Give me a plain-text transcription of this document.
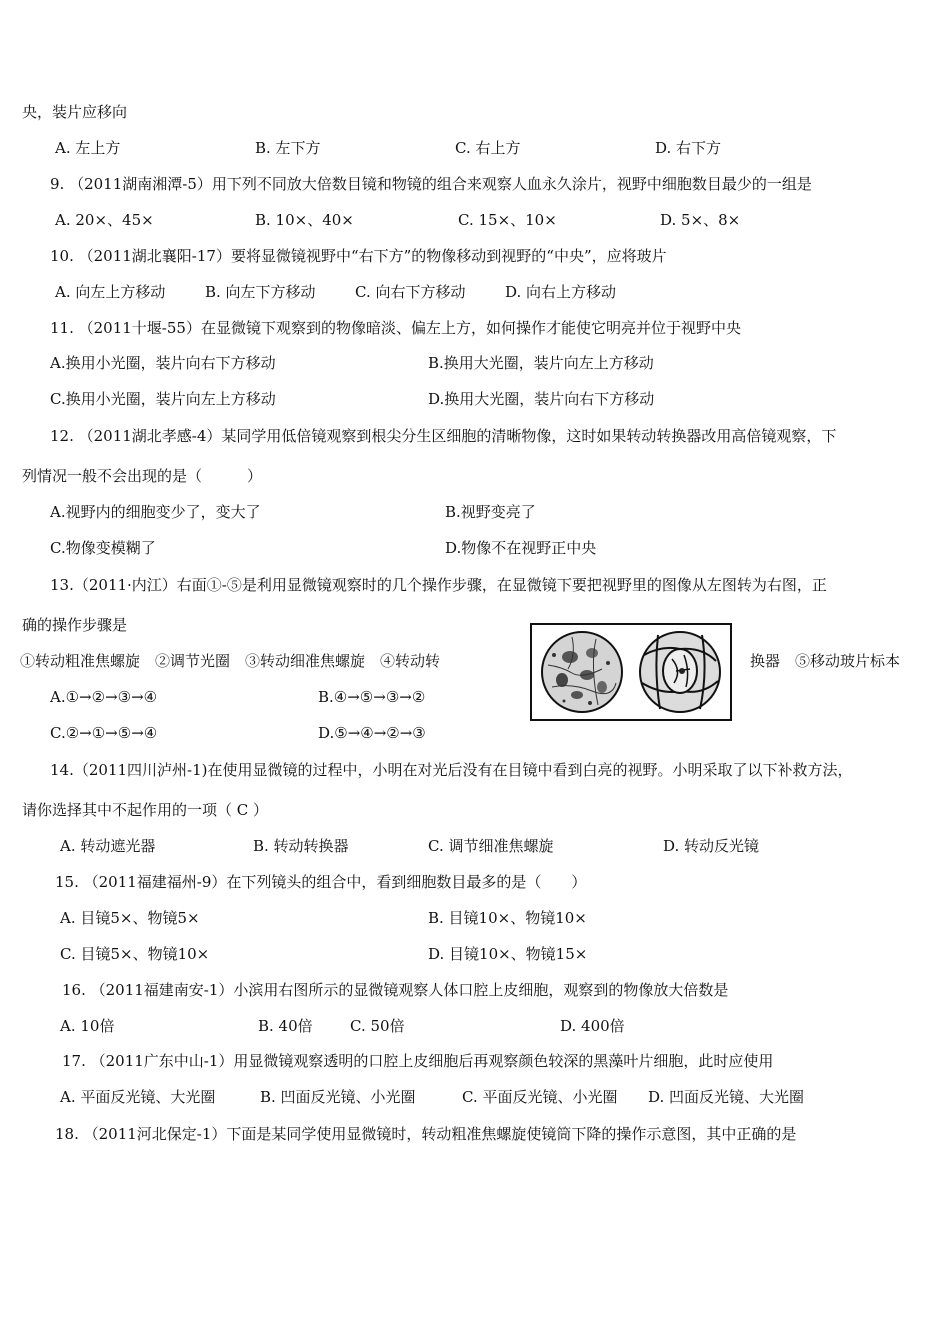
央，装片应移向
A. 左上方	B. 左下方	C. 右上方	D. 右下方
9. （2011湖南湘潭-5）用下列不同放大倍数目镜和物镜的组合来观察人血永久涂片，视野中细胞数目最少的一组是
A. 20×、45×	B. 10×、40×	C. 15×、10×	D. 5×、8×
10. （2011湖北襄阳-17）要将显微镜视野中“右下方”的物像移动到视野的“中央”，应将玻片
A. 向左上方移动	B. 向左下方移动	C. 向右下方移动	D. 向右上方移动
11. （2011十堰-55）在显微镜下观察到的物像暗淡、偏左上方，如何操作才能使它明亮并位于视野中央
A.换用小光圈，装片向右下方移动	B.换用大光圈，装片向左上方移动
C.换用小光圈，装片向左上方移动	D.换用大光圈，装片向右下方移动
12. （2011湖北孝感-4）某同学用低倍镜观察到根尖分生区细胞的清晰物像，这时如果转动转换器改用高倍镜观察，下
列情况一般不会出现的是（　　　）
A.视野内的细胞变少了，变大了	B.视野变亮了
C.物像变模糊了	D.物像不在视野正中央
13.（2011·内江）右面①-⑤是利用显微镜观察时的几个操作步骤，在显微镜下要把视野里的图像从左图转为右图，正
确的操作步骤是
①转动粗准焦螺旋　②调节光圈　③转动细准焦螺旋　④转动转	换器　⑤移动玻片标本
A.①→②→③→④	B.④→⑤→③→②
C.②→①→⑤→④	D.⑤→④→②→③
14.（2011四川泸州-1)在使用显微镜的过程中，小明在对光后没有在目镜中看到白亮的视野。小明采取了以下补救方法，
请你选择其中不起作用的一项（ C ）
A. 转动遮光器	B. 转动转换器	C. 调节细准焦螺旋	D. 转动反光镜
15. （2011福建福州-9）在下列镜头的组合中，看到细胞数目最多的是（　　）
A. 目镜5×、物镜5×	B. 目镜10×、物镜10×
C. 目镜5×、物镜10×	D. 目镜10×、物镜15×
16. （2011福建南安-1）小滨用右图所示的显微镜观察人体口腔上皮细胞，观察到的物像放大倍数是
A. 10倍	B. 40倍 C. 50倍	D. 400倍
17. （2011广东中山-1）用显微镜观察透明的口腔上皮细胞后再观察颜色较深的黑藻叶片细胞，此时应使用
A. 平面反光镜、大光圈	B. 凹面反光镜、小光圈	C. 平面反光镜、小光圈 D. 凹面反光镜、大光圈
18. （2011河北保定-1）下面是某同学使用显微镜时，转动粗准焦螺旋使镜筒下降的操作示意图，其中正确的是
